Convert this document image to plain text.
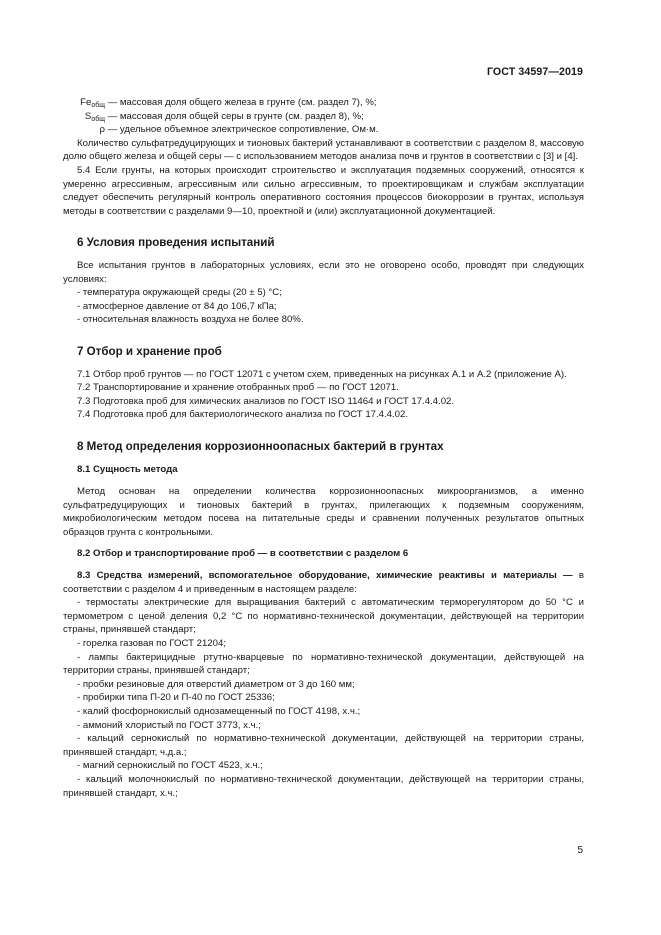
ГОСТ 34597—2019
$Fe_{общ}$ — массовая доля общего железа в грунте (см. раздел 7), %;
$S_{общ}$ — массовая доля общей серы в грунте (см. раздел 8), %;
ρ — удельное объемное электрическое сопротивление, Ом·м.

Количество сульфатредуцирующих и тионовых бактерий устанавливают в соответствии с разделом 8, массовую долю общего железа и общей серы — с использованием методов анализа почв и грунтов в соответствии с [3] и [4].

5.4 Если грунты, на которых происходит строительство и эксплуатация подземных сооружений, относятся к умеренно агрессивным, агрессивным или сильно агрессивным, то проектировщикам и службам эксплуатации следует обеспечить регулярный контроль оперативного состояния процессов биокоррозии в грунтах, используя методы в соответствии с разделами 9—10, проектной и (или) эксплуатационной документацией.

6 Условия проведения испытаний

Все испытания грунтов в лабораторных условиях, если это не оговорено особо, проводят при следующих условиях:

- температура окружающей среды (20 ± 5) °С;

- атмосферное давление от 84 до 106,7 кПа;

- относительная влажность воздуха не более 80%.

7 Отбор и хранение проб

7.1 Отбор проб грунтов — по ГОСТ 12071 с учетом схем, приведенных на рисунках А.1 и А.2 (приложение А).

7.2 Транспортирование и хранение отобранных проб — по ГОСТ 12071.

7.3 Подготовка проб для химических анализов по ГОСТ ISO 11464 и ГОСТ 17.4.4.02.

7.4 Подготовка проб для бактериологического анализа по ГОСТ 17.4.4.02.

8 Метод определения коррозионноопасных бактерий в грунтах

8.1 Сущность метода

Метод основан на определении количества коррозионноопасных микроорганизмов, а именно сульфатредуцирующих и тионовых бактерий в грунтах, прилегающих к подземным сооружениям, микробиологическим методом посева на питательные среды и сравнении полученных результатов опытных образцов грунта с контрольными.

8.2 Отбор и транспортирование проб — в соответствии с разделом 6

8.3 Средства измерений, вспомогательное оборудование, химические реактивы и материалы — в соответствии с разделом 4 и приведенным в настоящем разделе:

- термостаты электрические для выращивания бактерий с автоматическим терморегулятором до 50 °С и термометром с ценой деления 0,2 °С по нормативно-технической документации, действующей на территории страны, принявшей стандарт;

- горелка газовая по ГОСТ 21204;

- лампы бактерицидные ртутно-кварцевые по нормативно-технической документации, действующей на территории страны, принявшей стандарт;

- пробки резиновые для отверстий диаметром от 3 до 160 мм;

- пробирки типа П-20 и П-40 по ГОСТ 25336;

- калий фосфорнокислый однозамещенный по ГОСТ 4198, х.ч.;

- аммоний хлористый по ГОСТ 3773, х.ч.;

- кальций сернокислый по нормативно-технической документации, действующей на территории страны, принявшей стандарт, ч.д.а.;

- магний сернокислый по ГОСТ 4523, х.ч.;

- кальций молочнокислый по нормативно-технической документации, действующей на территории страны, принявшей стандарт, х.ч.;

5
